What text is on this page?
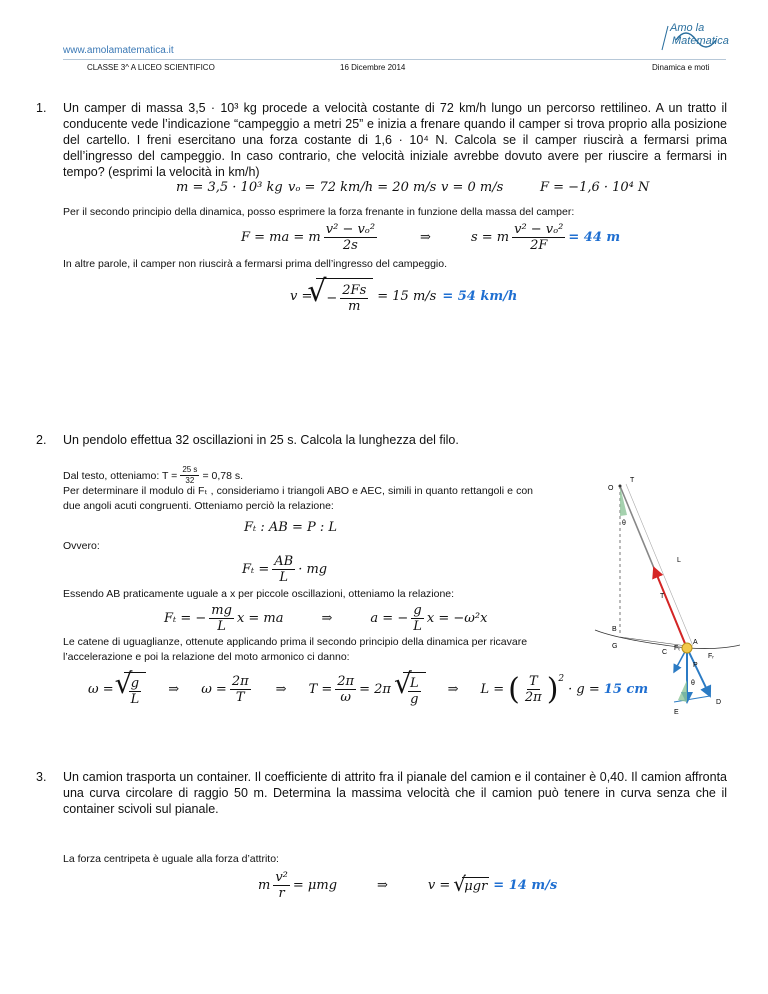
www.amolamatematica.it
Amo la
Matematica
CLASSE 3^ A LICEO SCIENTIFICO	16 Dicembre 2014	Dinamica e moti
1. Un camper di massa 3,5 · 10³ kg procede a velocità costante di 72 km/h lungo un percorso rettilineo. A un tratto il conducente vede l’indicazione “campeggio a metri 25” e inizia a frenare quando il camper si trova proprio alla posizione del cartello. I freni esercitano una forza costante di 1,6 · 10⁴ N. Calcola se il camper riuscirà a fermarsi prima dell’ingresso del campeggio. In caso contrario, che velocità iniziale avrebbe dovuto avere per riuscire a fermarsi in tempo? (esprimi la velocità in km/h)
m = 3,5 · 10³ kg vₒ = 72 km/h = 20 m/s v = 0 m/s	F = −1,6 · 10⁴ N
Per il secondo principio della dinamica, posso esprimere la forza frenante in funzione della massa del camper:
F = ma = m $\frac{\text{v² − vₒ²}}{2s}$	⇒	s = m $\frac{\text{v² − vₒ²}}{2F} = 44$ m
In altre parole, il camper non riuscirà a fermarsi prima dell’ingresso del campeggio.
v =
√ − $\frac{2Fs}{m} = 15$ m/s = 54 km/h
2. Un pendolo effettua 32 oscillazioni in 25 s. Calcola la lunghezza del filo.
Dal testo, otteniamo: $T = \frac{25 s}{32} = 0,78$ s.
Per determinare il modulo di Fₜ , consideriamo i triangoli ABO e AEC, simili in quanto rettangoli e con due angoli acuti congruenti. Otteniamo perciò la relazione:
Fₜ : AB = P : L
Ovvero:
$F_t = \frac{AB}{L}$ · mg
Essendo AB praticamente uguale a x per piccole oscillazioni, otteniamo la relazione:
Fₜ = − $\frac{mg}{L}$ x = ma	⇒	a = − $\frac{g}{L}$ x = −ω²x
Le catene di uguaglianze, ottenute applicando prima il secondo principio della dinamica per ricavare l’accelerazione e poi la relazione del moto armonico ci danno:
ω = √
$\frac{g}{L}$ ⇒ $\omega = \frac{2\pi}{T}$ ⇒ $T = \frac{2\pi}{\omega} = 2\pi$ √
$\frac{L}{g}$ ⇒ L = ( $\frac{T}{2\pi}$ ) 2
· g = 15 cm
O
T
θ
L
T
B
A
G
C
Fₜ
Fᵣ
P
θ
D
E
3. Un camion trasporta un container. Il coefficiente di attrito fra il pianale del camion e il container è 0,40. Il camion affronta una curva circolare di raggio 50 m. Determina la massima velocità che il camion può tenere in curva senza che il container scivoli sul pianale.
La forza centripeta è uguale alla forza d’attrito:
m $\frac{\text{v²}}{r} = \mu mg$	⇒	v = √
μgr = 14 m/s
